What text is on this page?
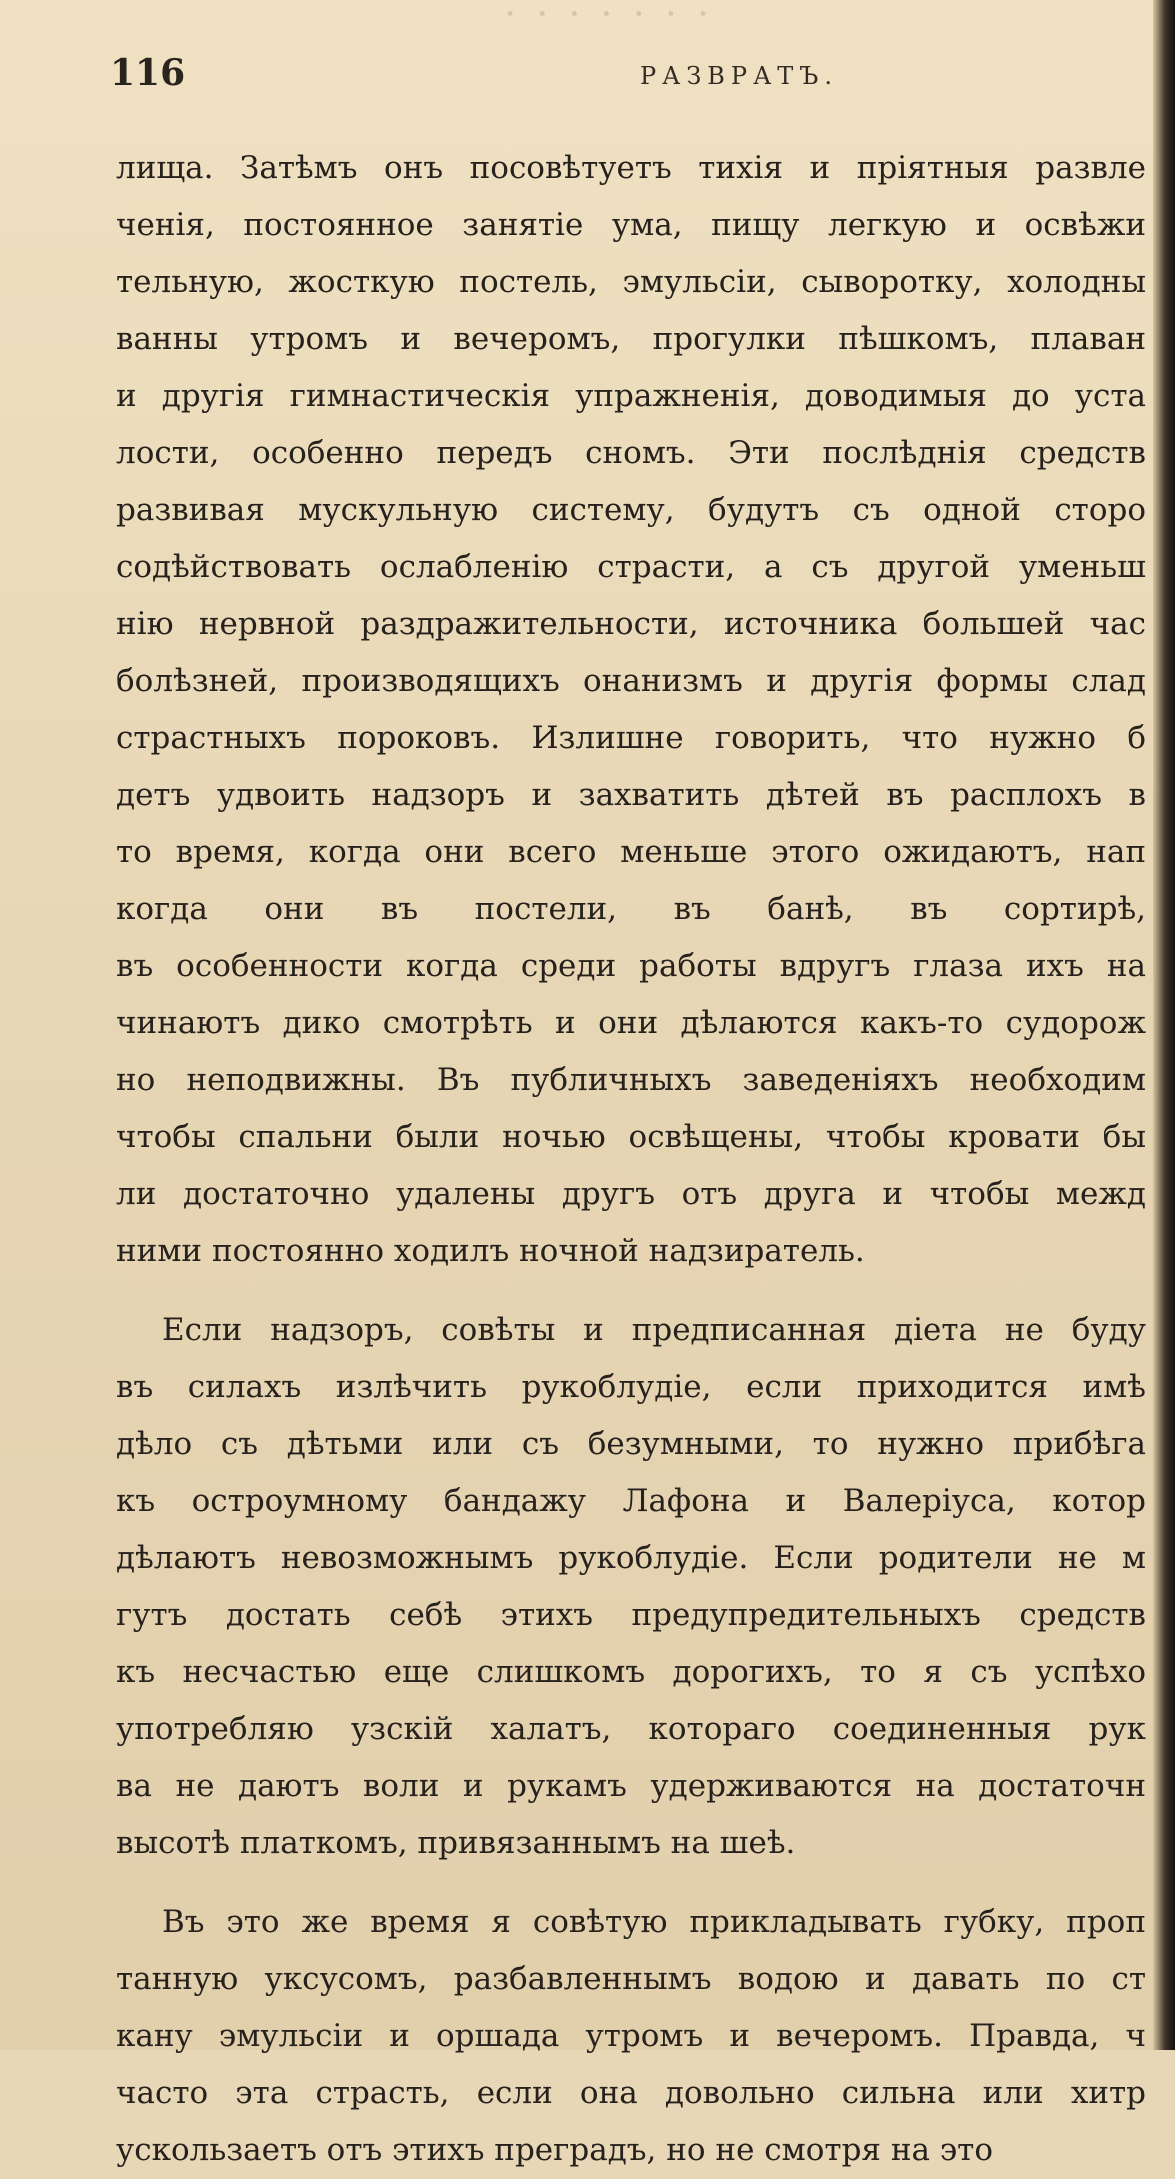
· · · · · · ·
116	РАЗВРАТЪ.
лища. Затѣмъ онъ посовѣтуетъ тихія и пріятныя развле
ченія, постоянное занятіе ума, пищу легкую и освѣжи
тельную, жосткую постель, эмульсіи, сыворотку, холодны
ванны утромъ и вечеромъ, прогулки пѣшкомъ, плаван
и другія гимнастическія упражненія, доводимыя до уста
лости, особенно передъ сномъ. Эти послѣднія средств
развивая мускульную систему, будутъ съ одной сторо
содѣйствовать ослабленію страсти, а съ другой уменьш
нію нервной раздражительности, источника большей час
болѣзней, производящихъ онанизмъ и другія формы слад
страстныхъ пороковъ. Излишне говорить, что нужно б
детъ удвоить надзоръ и захватить дѣтей въ расплохъ в
то время, когда они всего меньше этого ожидаютъ, нап
когда они въ постели, въ банѣ, въ сортирѣ,
въ особенности когда среди работы вдругъ глаза ихъ на
чинаютъ дико смотрѣть и они дѣлаются какъ-то судорож
но неподвижны. Въ публичныхъ заведеніяхъ необходим
чтобы спальни были ночью освѣщены, чтобы кровати бы
ли достаточно удалены другъ отъ друга и чтобы межд
ними постоянно ходилъ ночной надзиратель.
Если надзоръ, совѣты и предписанная діета не буду
въ силахъ излѣчить рукоблудіе, если приходится имѣ
дѣло съ дѣтьми или съ безумными, то нужно прибѣга
къ остроумному бандажу Лафона и Валеріуса, котор
дѣлаютъ невозможнымъ рукоблудіе. Если родители не м
гутъ достать себѣ этихъ предупредительныхъ средств
къ несчастью еще слишкомъ дорогихъ, то я съ успѣхо
употребляю узскій халатъ, котораго соединенныя рук
ва не даютъ воли и рукамъ удерживаются на достаточн
высотѣ платкомъ, привязаннымъ на шеѣ.
Въ это же время я совѣтую прикладывать губку, проп
танную уксусомъ, разбавленнымъ водою и давать по ст
кану эмульсіи и оршада утромъ и вечеромъ. Правда, ч
часто эта страсть, если она довольно сильна или хитр
ускользаетъ отъ этихъ преградъ, но не смотря на это
